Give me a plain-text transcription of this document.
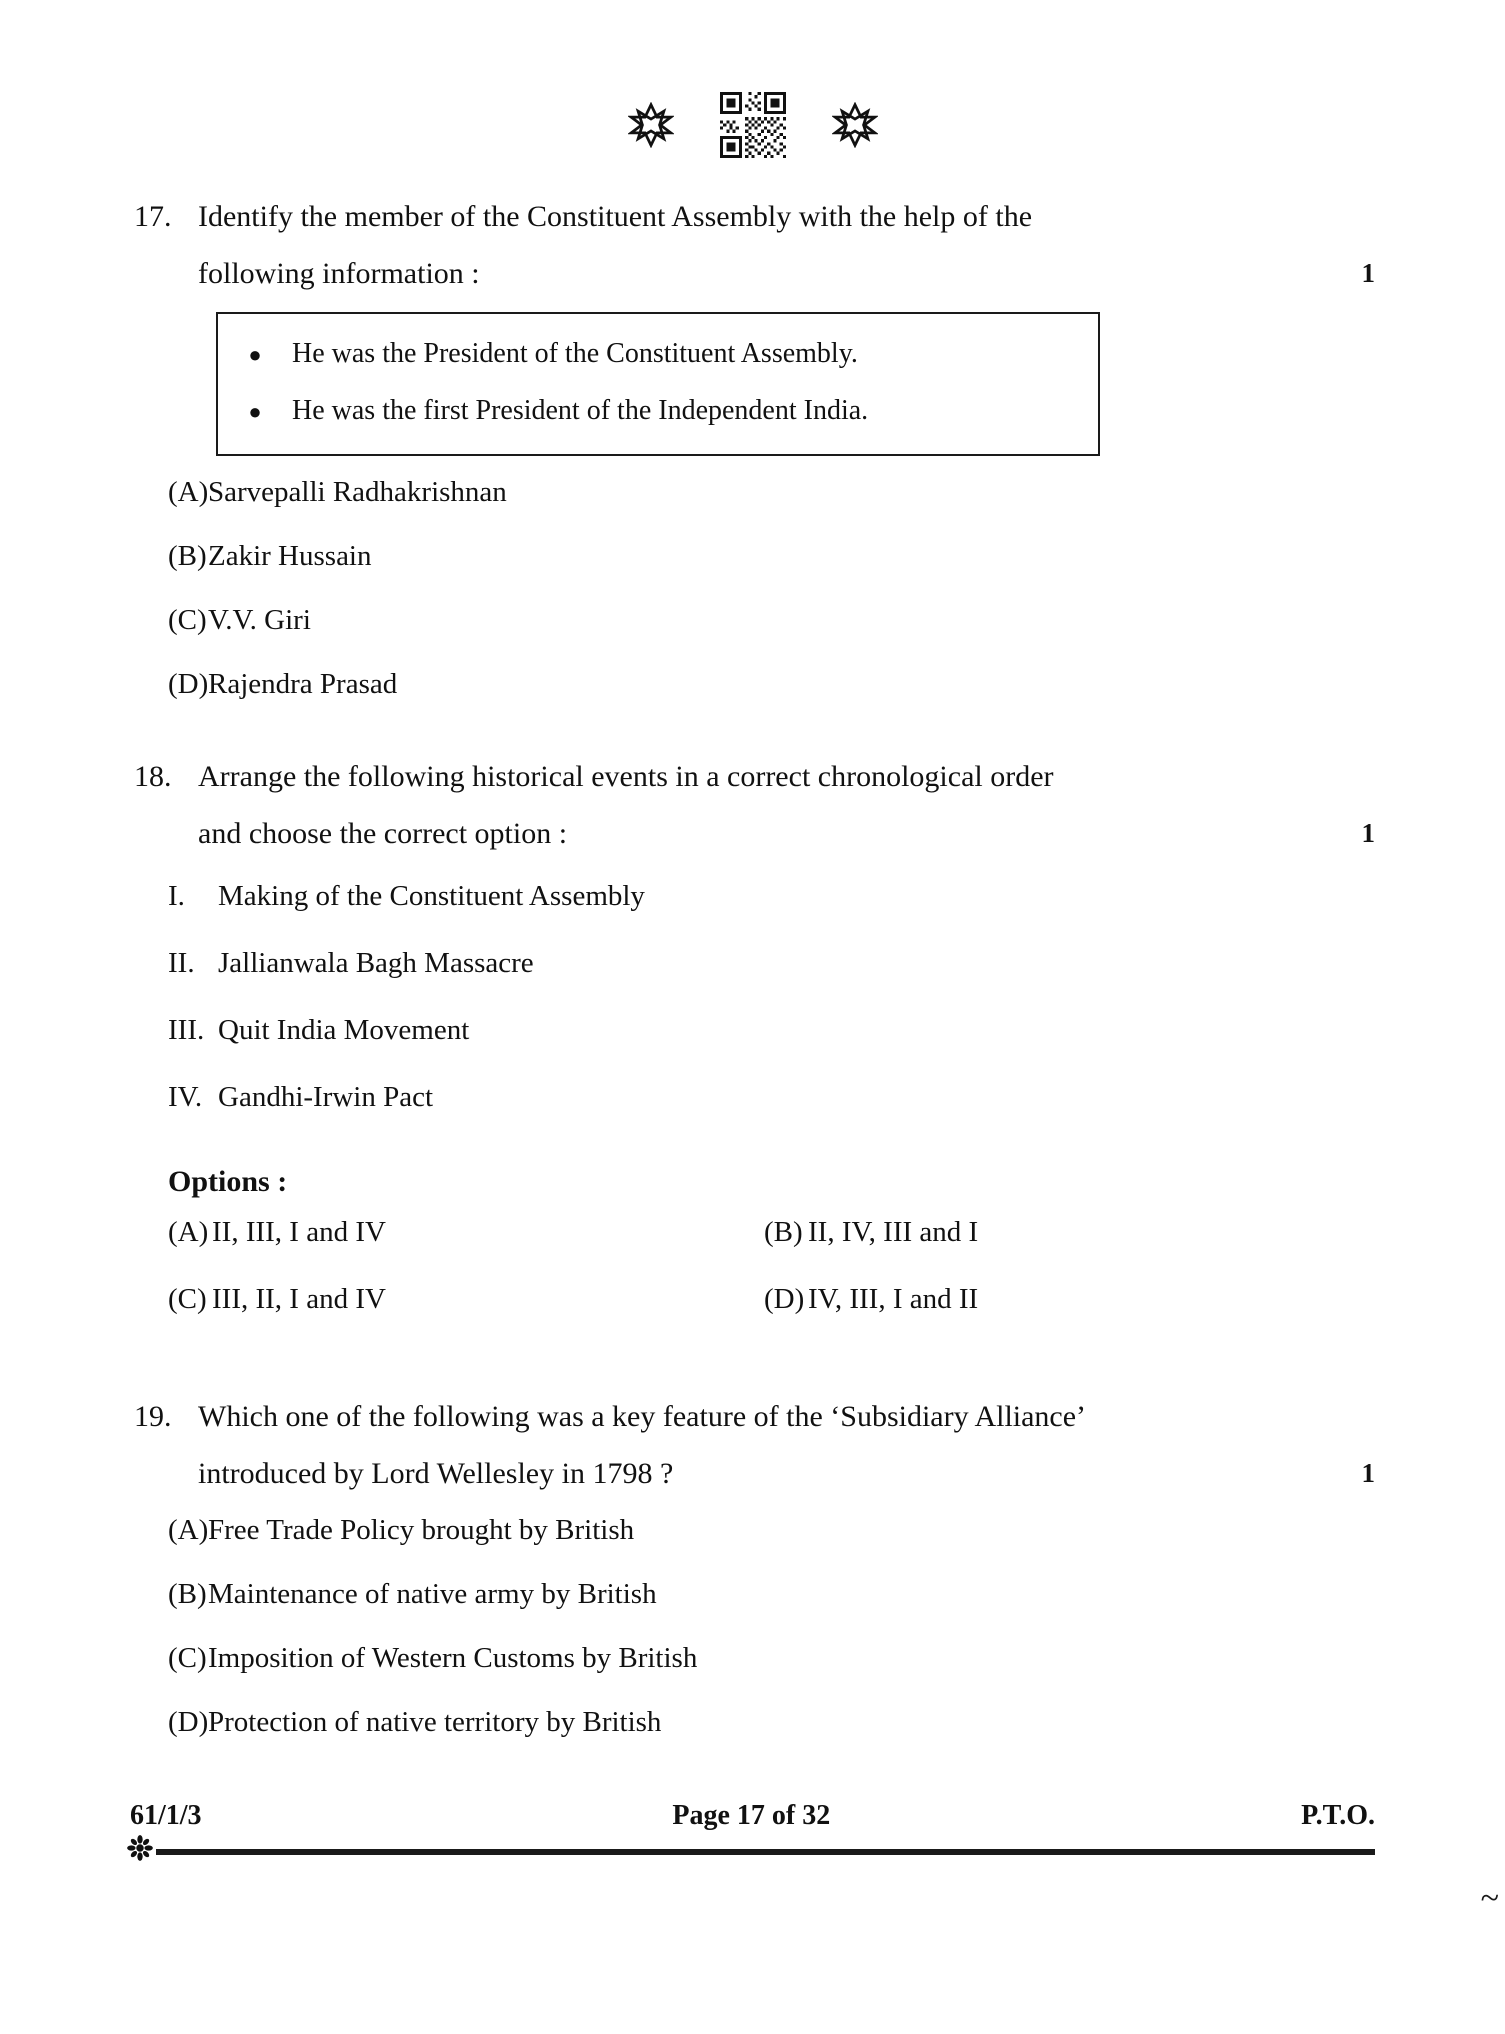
17. Identify the member of the Constituent Assembly with the help of the
following information :	1
●	He was the President of the Constituent Assembly.
●	He was the first President of the Independent India.
(A) Sarvepalli Radhakrishnan
(B) Zakir Hussain
(C) V.V. Giri
(D) Rajendra Prasad
18. Arrange the following historical events in a correct chronological order
and choose the correct option :	1
I.	Making of the Constituent Assembly
II. Jallianwala Bagh Massacre
III. Quit India Movement
IV. Gandhi-Irwin Pact
Options :
(A) II, III, I and IV	(B) II, IV, III and I
(C) III, II, I and IV	(D) IV, III, I and II
19. Which one of the following was a key feature of the ‘Subsidiary Alliance’
introduced by Lord Wellesley in 1798 ?	1
(A) Free Trade Policy brought by British
(B) Maintenance of native army by British
(C) Imposition of Western Customs by British
(D) Protection of native territory by British
61/1/3	Page 17 of 32	P.T.O.
~
